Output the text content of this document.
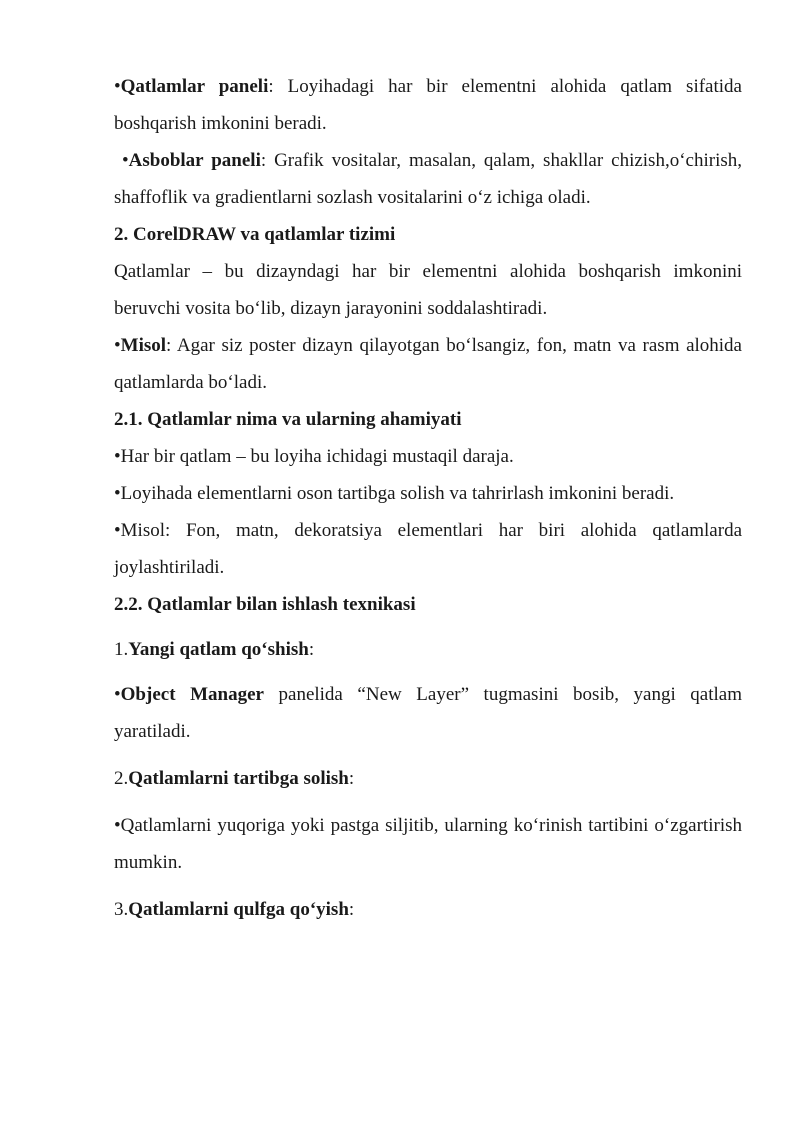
•Qatlamlar paneli: Loyihadagi har bir elementni alohida qatlam sifatida boshqarish imkonini beradi.

•Asboblar paneli: Grafik vositalar, masalan, qalam, shakllar chizish,o‘chirish, shaffoflik va gradientlarni sozlash vositalarini o‘z ichiga oladi.

2. CorelDRAW va qatlamlar tizimi

Qatlamlar – bu dizayndagi har bir elementni alohida boshqarish imkonini beruvchi vosita bo‘lib, dizayn jarayonini soddalashtiradi.

•Misol: Agar siz poster dizayn qilayotgan bo‘lsangiz, fon, matn va rasm alohida qatlamlarda bo‘ladi.

2.1. Qatlamlar nima va ularning ahamiyati

•Har bir qatlam – bu loyiha ichidagi mustaqil daraja.

•Loyihada elementlarni oson tartibga solish va tahrirlash imkonini beradi.

•Misol: Fon, matn, dekoratsiya elementlari har biri alohida qatlamlarda joylashtiriladi.

2.2. Qatlamlar bilan ishlash texnikasi

1.Yangi qatlam qo‘shish:

•Object Manager panelida “New Layer” tugmasini bosib, yangi qatlam yaratiladi.

2.Qatlamlarni tartibga solish:

•Qatlamlarni yuqoriga yoki pastga siljitib, ularning ko‘rinish tartibini o‘zgartirish mumkin.

3.Qatlamlarni qulfga qo‘yish:
